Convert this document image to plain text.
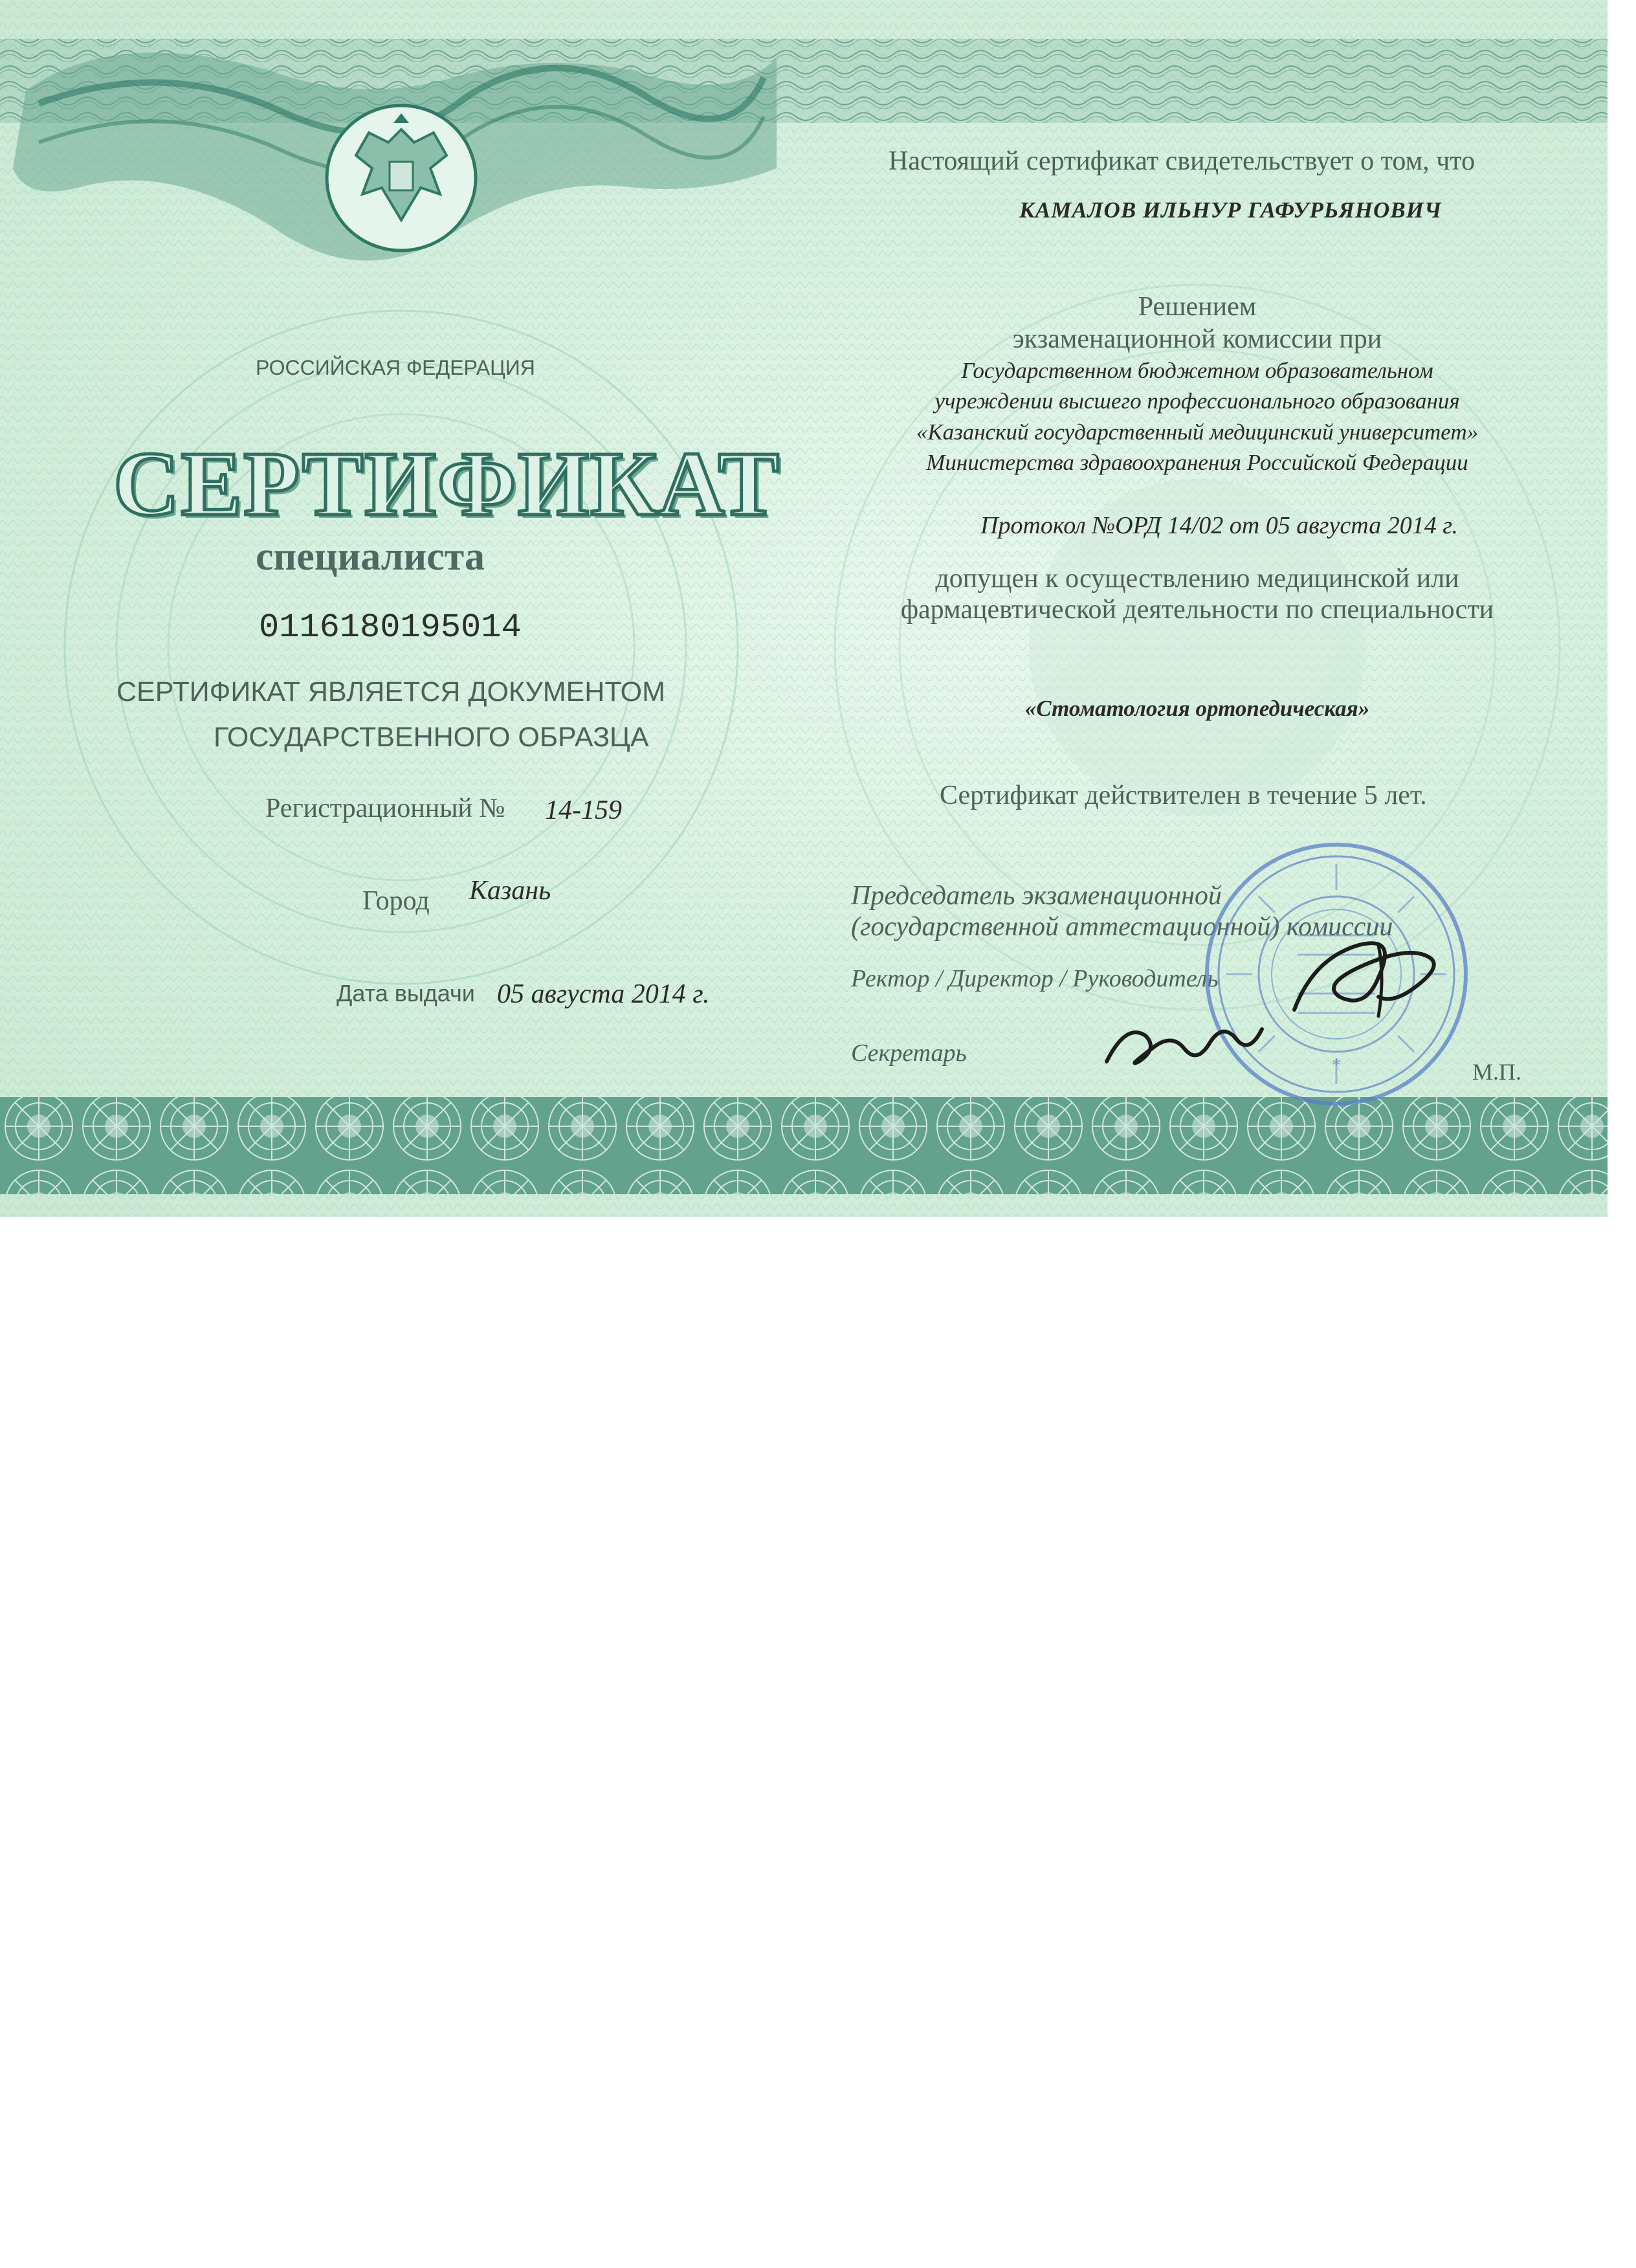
РОССИЙСКАЯ ФЕДЕРАЦИЯ
СЕРТИФИКАТ
специалиста
0116180195014
СЕРТИФИКАТ ЯВЛЯЕТСЯ ДОКУМЕНТОМ
ГОСУДАРСТВЕННОГО ОБРАЗЦА
Регистрационный № 14-159
Город Казань
Дата выдачи 05 августа 2014 г.
Настоящий сертификат свидетельствует о том, что
КАМАЛОВ ИЛЬНУР ГАФУРЬЯНОВИЧ
Решением
экзаменационной комиссии при
Государственном бюджетном образовательном
учреждении высшего профессионального образования
«Казанский государственный медицинский университет»
Министерства здравоохранения Российской Федерации
Протокол №ОРД 14/02 от 05 августа 2014 г.
допущен к осуществлению медицинской или
фармацевтической деятельности по специальности
«Стоматология ортопедическая»
Сертификат действителен в течение 5 лет.
Председатель экзаменационной
(государственной аттестационной) комиссии
Ректор / Директор / Руководитель
Секретарь
М.П.
*
